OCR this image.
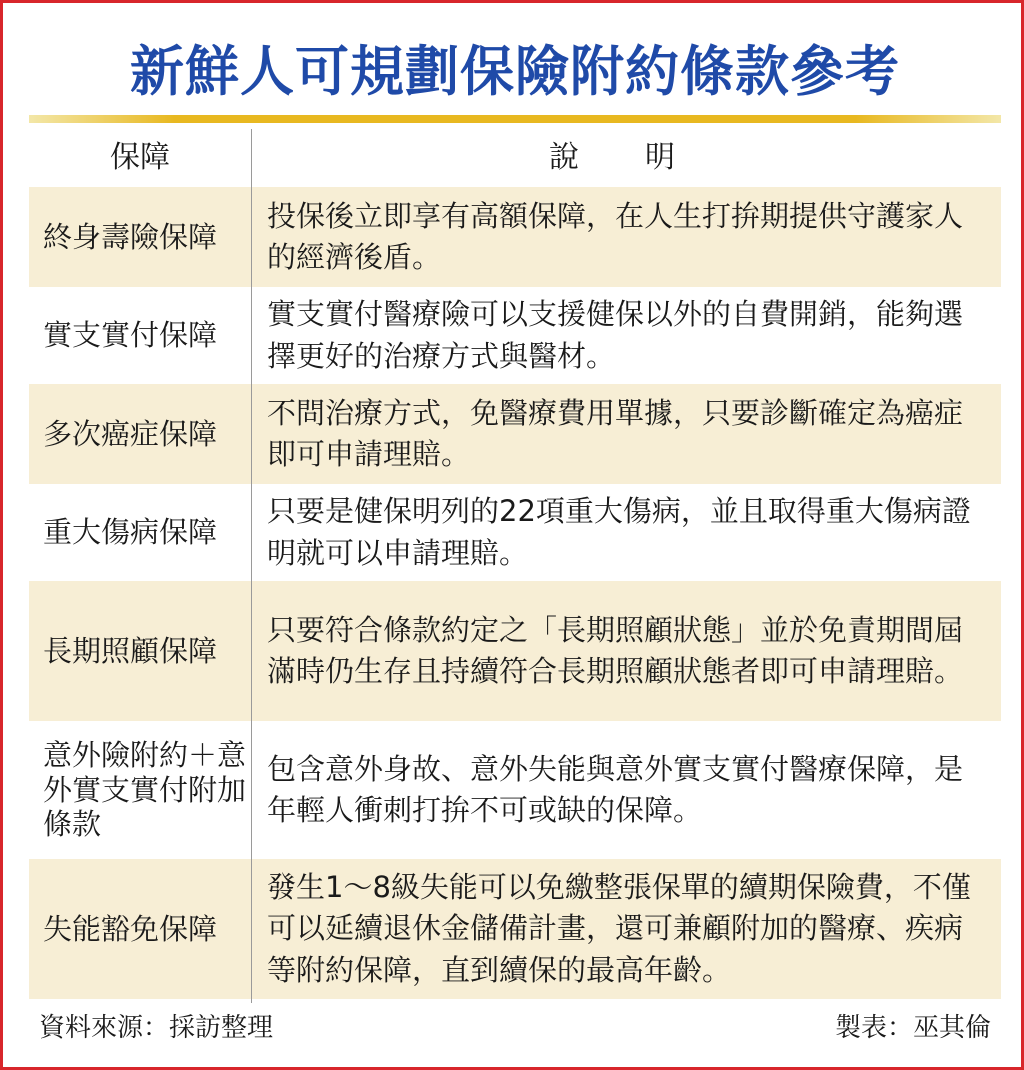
新鮮人可規劃保險附約條款參考
保障	說　明
終身壽險保障
投保後立即享有高額保障，在人生打拚期提供守護家人的經濟後盾。
實支實付保障
實支實付醫療險可以支援健保以外的自費開銷，能夠選擇更好的治療方式與醫材。
多次癌症保障
不問治療方式，免醫療費用單據，只要診斷確定為癌症即可申請理賠。
重大傷病保障
只要是健保明列的22項重大傷病，並且取得重大傷病證明就可以申請理賠。
長期照顧保障
只要符合條款約定之「長期照顧狀態」並於免責期間屆滿時仍生存且持續符合長期照顧狀態者即可申請理賠。
意外險附約＋意外實支實付附加條款
包含意外身故、意外失能與意外實支實付醫療保障，是年輕人衝刺打拚不可或缺的保障。
失能豁免保障
發生1～8級失能可以免繳整張保單的續期保險費，不僅可以延續退休金儲備計畫，還可兼顧附加的醫療、疾病等附約保障，直到續保的最高年齡。
資料來源：採訪整理	製表：巫其倫
